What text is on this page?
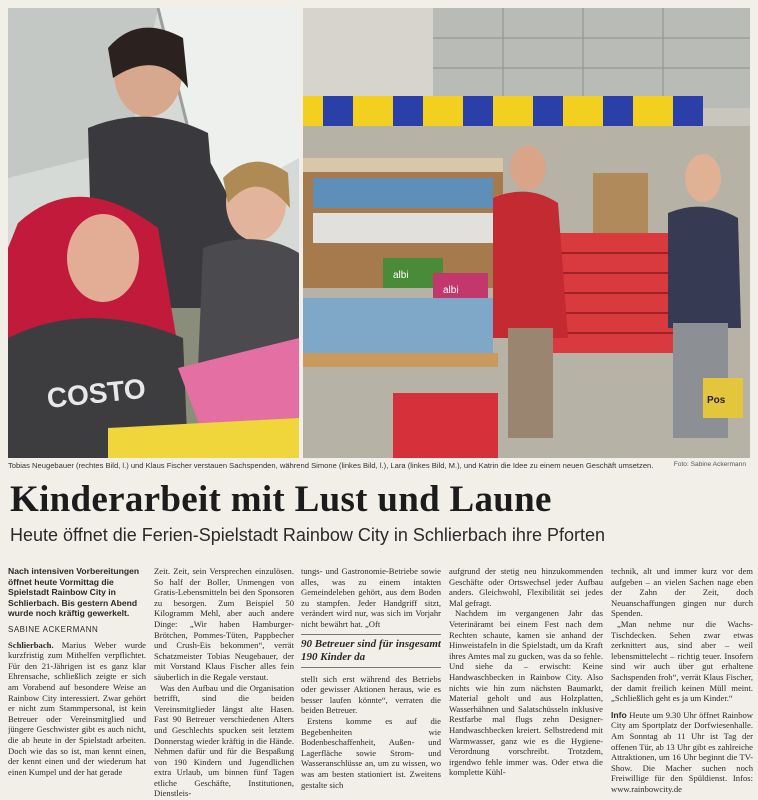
COSTO
albi
albi
Pos
Tobias Neugebauer (rechtes Bild, l.) und Klaus Fischer verstauen Sachspenden, während Simone (linkes Bild, l.), Lara (linkes Bild, M.), und Katrin die Idee zu einem neuen Geschäft umsetzen.	Foto: Sabine Ackermann
Kinderarbeit mit Lust und Laune
Heute öffnet die Ferien-Spielstadt Rainbow City in Schlierbach ihre Pforten
Nach intensiven Vorbereitungen öffnet heute Vormittag die Spielstadt Rainbow City in Schlierbach. Bis gestern Abend wurde noch kräftig gewerkelt.
SABINE ACKERMANN

Schlierbach. Marius Weber wurde kurzfristig zum Mithelfen verpflichtet. Für den 21-Jährigen ist es ganz klar Ehrensache, schließlich zeigte er sich am Vorabend auf besondere Weise an Rainbow City interessiert. Zwar gehört er nicht zum Stammpersonal, ist kein Betreuer oder Vereinsmitglied und jüngere Geschwister gibt es auch nicht, die ab heute in der Spielstadt arbeiten. Doch wie das so ist, man kennt einen, der kennt einen und der wiederum hat einen Kumpel und der hat gerade

Zeit. Zeit, sein Versprechen einzulösen. So half der Boller, Unmengen von Gratis-Lebensmitteln bei den Sponsoren zu besorgen. Zum Beispiel 50 Kilogramm Mehl, aber auch andere Dinge: „Wir haben Hamburger-Brötchen, Pommes-Tüten, Pappbecher und Crush-Eis bekommen“, verrät Schatzmeister Tobias Neugebauer, der mit Vorstand Klaus Fischer alles fein säuberlich in die Regale verstaut.

Was den Aufbau und die Organisation betrifft, sind die beiden Vereinsmitglieder längst alte Hasen. Fast 90 Betreuer verschiedenen Alters und Geschlechts spucken seit letztem Donnerstag wieder kräftig in die Hände. Nehmen dafür und für die Bespaßung von 190 Kindern und Jugendlichen extra Urlaub, um binnen fünf Tagen etliche Geschäfte, Institutionen, Dienstleis-

tungs- und Gastronomie-Betriebe sowie alles, was zu einem intakten Gemeindeleben gehört, aus dem Boden zu stampfen. Jeder Handgriff sitzt, verändert wird nur, was sich im Vorjahr nicht bewährt hat. „Oft

90 Betreuer sind für insgesamt 190 Kinder da

stellt sich erst während des Betriebs oder gewisser Aktionen heraus, wie es besser laufen könnte“, verraten die beiden Betreuer.

Erstens komme es auf die Begebenheiten wie Bodenbeschaffenheit, Außen- und Lagerfläche sowie Strom- und Wasseranschlüsse an, um zu wissen, wo was am besten stationiert ist. Zweitens gestalte sich

aufgrund der stetig neu hinzukommenden Geschäfte oder Ortswechsel jeder Aufbau anders. Gleichwohl, Flexibilität sei jedes Mal gefragt.

Nachdem im vergangenen Jahr das Veterinäramt bei einem Fest nach dem Rechten schaute, kamen sie anhand der Hinweistafeln in die Spielstadt, um da Kraft ihres Amtes mal zu gucken, was da so fehle. Und siehe da – erwischt: Keine Handwaschbecken in Rainbow City. Also nichts wie hin zum nächsten Baumarkt, Material geholt und aus Holzplatten, Wasserhähnen und Salatschüsseln inklusive Restfarbe mal flugs zehn Designer-Handwaschbecken kreiert. Selbstredend mit Warmwasser, ganz wie es die Hygiene-Verordnung vorschreibt. Trotzdem, irgendwo fehle immer was. Oder etwa die komplette Kühl-

technik, alt und immer kurz vor dem aufgeben – an vielen Sachen nage eben der Zahn der Zeit, doch Neuanschaffungen gingen nur durch Spenden.

„Man nehme nur die Wachs-Tischdecken. Sehen zwar etwas zerknittert aus, sind aber – weil lebensmittelecht – richtig teuer. Insofern sind wir auch über gut erhaltene Sachspenden froh“, verrät Klaus Fischer, der damit freilich keinen Müll meint. „Schließlich geht es ja um Kinder.“

Info Heute um 9.30 Uhr öffnet Rainbow City am Sportplatz der Dorfwiesenhalle. Am Sonntag ab 11 Uhr ist Tag der offenen Tür, ab 13 Uhr gibt es zahlreiche Attraktionen, um 16 Uhr beginnt die TV-Show. Die Macher suchen noch Freiwillige für den Spüldienst. Infos: www.rainbowcity.de
